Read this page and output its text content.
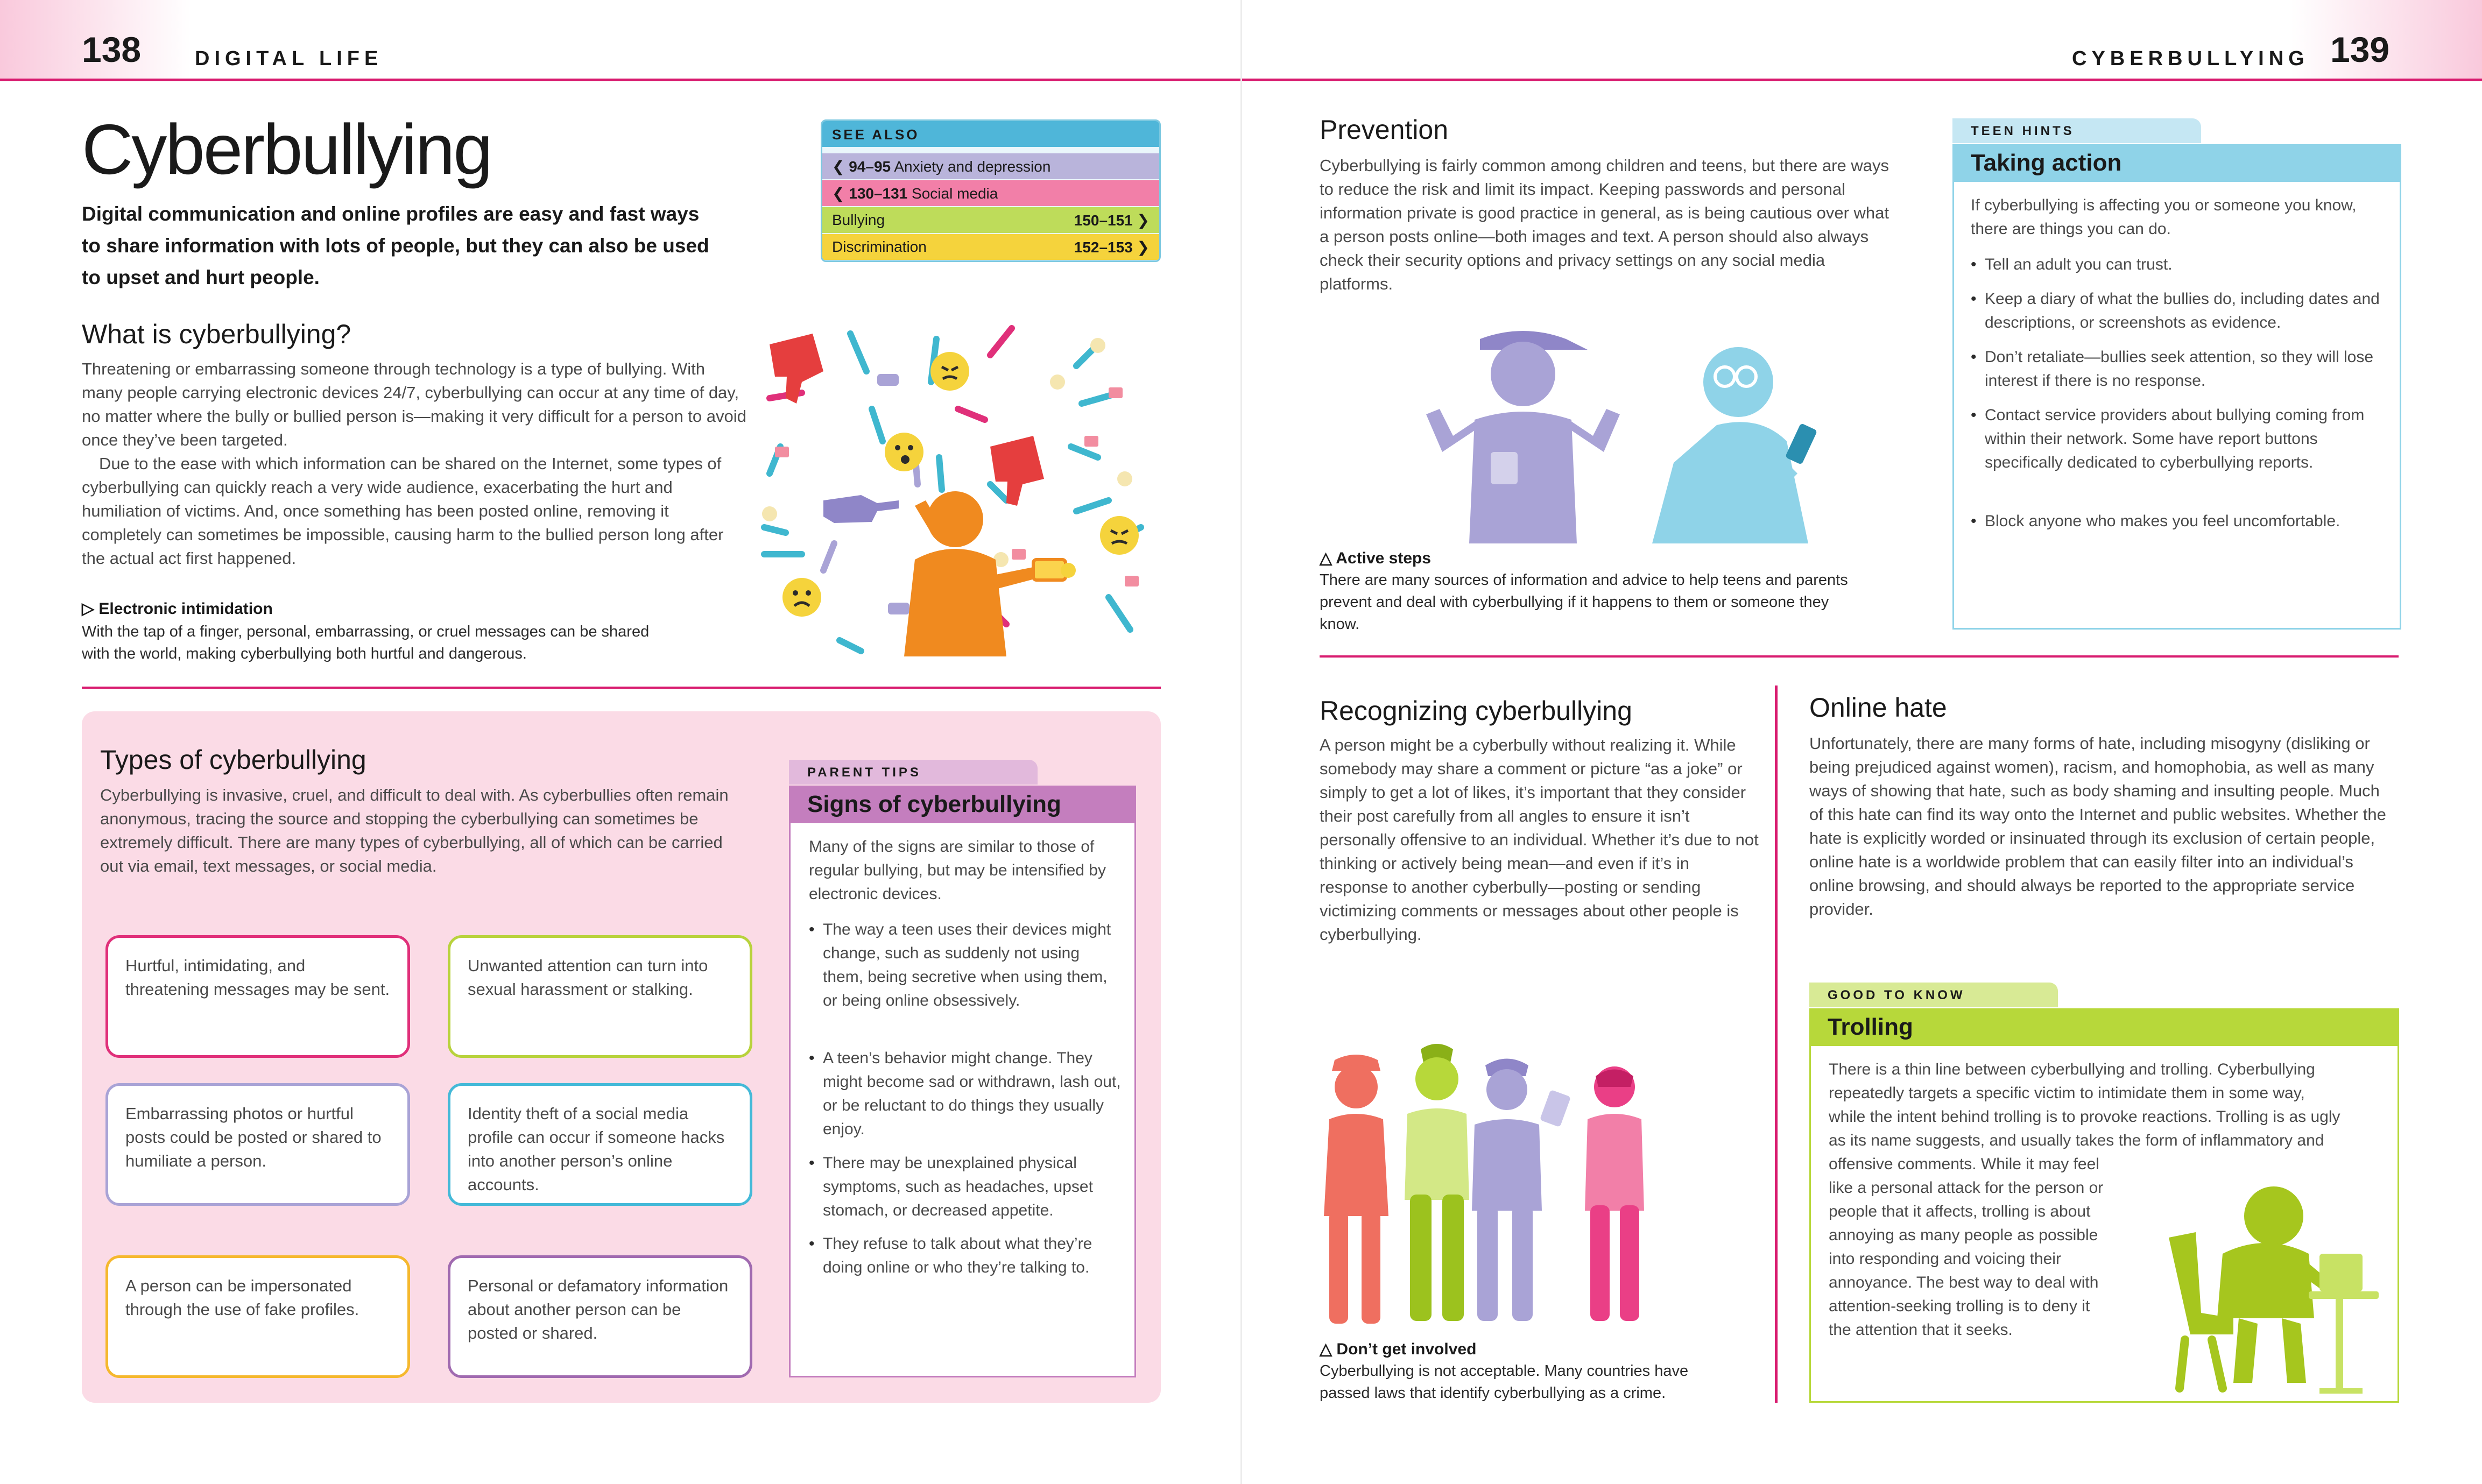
138	DIGITAL LIFE	CYBERBULLYING 139
Cyberbullying
Digital communication and online profiles are easy and fast ways to share information with lots of people, but they can also be used to upset and hurt people.
SEE ALSO
❮ 94–95 Anxiety and depression
❮ 130–131 Social media
Bullying	150–151 ❯
Discrimination	152–153 ❯
What is cyberbullying?
Threatening or embarrassing someone through technology is a type of bullying. With many people carrying electronic devices 24/7, cyberbullying can occur at any time of day, no matter where the bully or bullied person is—making it very difficult for a person to avoid once they’ve been targeted.
Due to the ease with which information can be shared on the Internet, some types of cyberbullying can quickly reach a very wide audience, exacerbating the hurt and humiliation of victims. And, once something has been posted online, removing it completely can sometimes be impossible, causing harm to the bullied person long after the actual act first happened.
▷ Electronic intimidation
With the tap of a finger, personal, embarrassing, or cruel messages can be shared with the world, making cyberbullying both hurtful and dangerous.
Types of cyberbullying
Cyberbullying is invasive, cruel, and difficult to deal with. As cyberbullies often remain anonymous, tracing the source and stopping the cyberbullying can sometimes be extremely difficult. There are many types of cyberbullying, all of which can be carried out via email, text messages, or social media.
Hurtful, intimidating, and threatening messages may be sent.
Unwanted attention can turn into sexual harassment or stalking.
Embarrassing photos or hurtful posts could be posted or shared to humiliate a person.
Identity theft of a social media profile can occur if someone hacks into another person’s online accounts.
A person can be impersonated through the use of fake profiles.
Personal or defamatory information about another person can be posted or shared.
PARENT TIPS
Signs of cyberbullying
Many of the signs are similar to those of regular bullying, but may be intensified by electronic devices.
• The way a teen uses their devices might change, such as suddenly not using them, being secretive when using them, or being online obsessively.
• A teen’s behavior might change. They might become sad or withdrawn, lash out, or be reluctant to do things they usually enjoy.
• There may be unexplained physical symptoms, such as headaches, upset stomach, or decreased appetite.
• They refuse to talk about what they’re doing online or who they’re talking to.
Prevention
Cyberbullying is fairly common among children and teens, but there are ways to reduce the risk and limit its impact. Keeping passwords and personal information private is good practice in general, as is being cautious over what a person posts online—both images and text. A person should also always check their security options and privacy settings on any social media platforms.
△ Active steps
There are many sources of information and advice to help teens and parents prevent and deal with cyberbullying if it happens to them or someone they know.
TEEN HINTS
Taking action
If cyberbullying is affecting you or someone you know, there are things you can do.
• Tell an adult you can trust.
• Keep a diary of what the bullies do, including dates and descriptions, or screenshots as evidence.
• Don’t retaliate—bullies seek attention, so they will lose interest if there is no response.
• Contact service providers about bullying coming from within their network. Some have report buttons specifically dedicated to cyberbullying reports.
• Block anyone who makes you feel uncomfortable.
Recognizing cyberbullying
A person might be a cyberbully without realizing it. While somebody may share a comment or picture “as a joke” or simply to get a lot of likes, it’s important that they consider their post carefully from all angles to ensure it isn’t personally offensive to an individual. Whether it’s due to not thinking or actively being mean—and even if it’s in response to another cyberbully—posting or sending victimizing comments or messages about other people is cyberbullying.
△ Don’t get involved
Cyberbullying is not acceptable. Many countries have passed laws that identify cyberbullying as a crime.
Online hate
Unfortunately, there are many forms of hate, including misogyny (disliking or being prejudiced against women), racism, and homophobia, as well as many ways of showing that hate, such as body shaming and insulting people. Much of this hate can find its way onto the Internet and public websites. Whether the hate is explicitly worded or insinuated through its exclusion of certain people, online hate is a worldwide problem that can easily filter into an individual’s online browsing, and should always be reported to the appropriate service provider.
GOOD TO KNOW
Trolling
There is a thin line between cyberbullying and trolling. Cyberbullying
repeatedly targets a specific victim to intimidate them in some way,
while the intent behind trolling is to provoke reactions. Trolling is as ugly
as its name suggests, and usually takes the form of inflammatory and
offensive comments. While it may feel
like a personal attack for the person or
people that it affects, trolling is about
annoying as many people as possible
into responding and voicing their
annoyance. The best way to deal with
attention-seeking trolling is to deny it
the attention that it seeks.
